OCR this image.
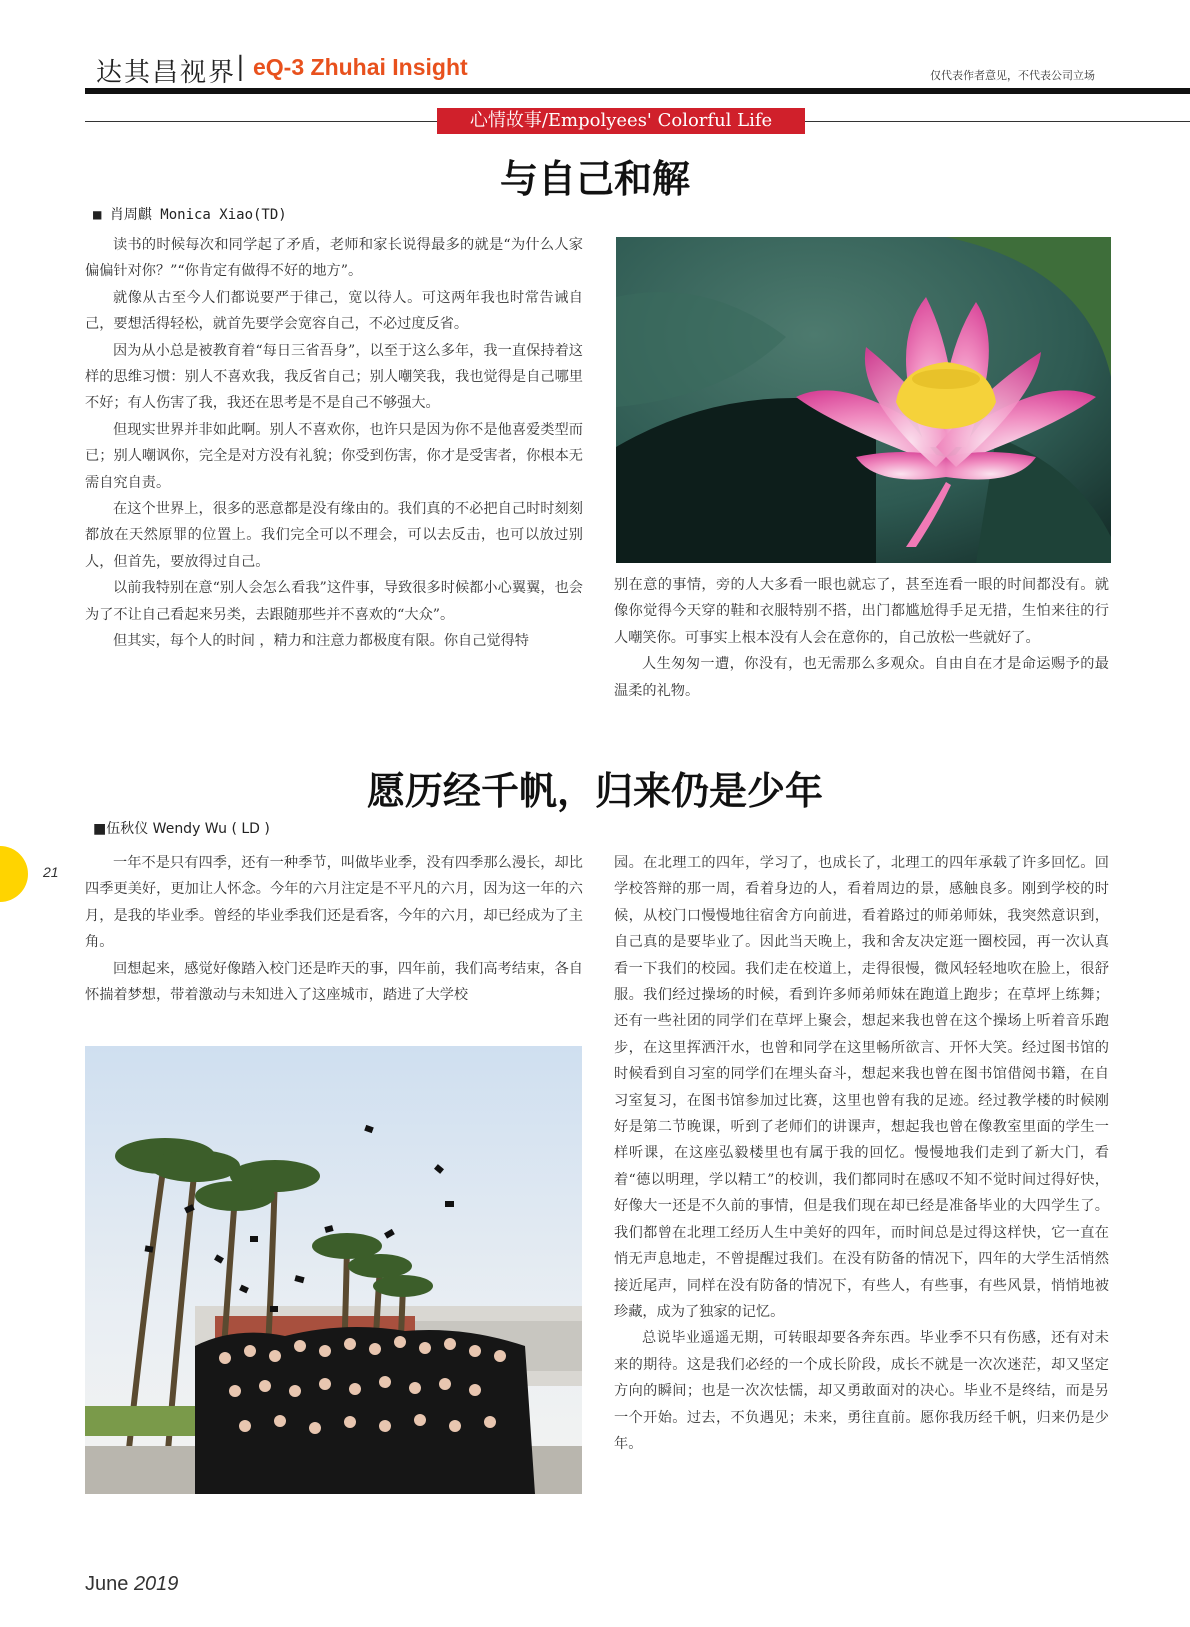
达其昌视界 | eQ-3 Zhuhai Insight	仅代表作者意见，不代表公司立场
心情故事/Empolyees' Colorful Life
与自己和解
■ 肖周麒 Monica Xiao(TD)

读书的时候每次和同学起了矛盾，老师和家长说得最多的就是“为什么人家偏偏针对你？”“你肯定有做得不好的地方”。

就像从古至今人们都说要严于律己，宽以待人。可这两年我也时常告诫自己，要想活得轻松，就首先要学会宽容自己，不必过度反省。

因为从小总是被教育着“每日三省吾身”，以至于这么多年，我一直保持着这样的思维习惯：别人不喜欢我，我反省自己；别人嘲笑我，我也觉得是自己哪里不好；有人伤害了我，我还在思考是不是自己不够强大。

但现实世界并非如此啊。别人不喜欢你，也许只是因为你不是他喜爱类型而已；别人嘲讽你，完全是对方没有礼貌；你受到伤害，你才是受害者，你根本无需自究自责。

在这个世界上，很多的恶意都是没有缘由的。我们真的不必把自己时时刻刻都放在天然原罪的位置上。我们完全可以不理会，可以去反击，也可以放过别人，但首先，要放得过自己。

以前我特别在意“别人会怎么看我”这件事，导致很多时候都小心翼翼，也会为了不让自己看起来另类，去跟随那些并不喜欢的“大众”。

但其实，每个人的时间 ，精力和注意力都极度有限。你自己觉得特

别在意的事情，旁的人大多看一眼也就忘了，甚至连看一眼的时间都没有。就像你觉得今天穿的鞋和衣服特别不搭，出门都尴尬得手足无措，生怕来往的行人嘲笑你。可事实上根本没有人会在意你的，自己放松一些就好了。

人生匆匆一遭，你没有，也无需那么多观众。自由自在才是命运赐予的最温柔的礼物。

愿历经千帆，归来仍是少年
■伍秋仪 Wendy Wu ( LD )
21

一年不是只有四季，还有一种季节，叫做毕业季，没有四季那么漫长，却比四季更美好，更加让人怀念。今年的六月注定是不平凡的六月，因为这一年的六月，是我的毕业季。曾经的毕业季我们还是看客，今年的六月，却已经成为了主角。

回想起来，感觉好像踏入校门还是昨天的事，四年前，我们高考结束，各自怀揣着梦想，带着激动与未知进入了这座城市，踏进了大学校

园。在北理工的四年，学习了，也成长了，北理工的四年承载了许多回忆。回学校答辩的那一周，看着身边的人，看着周边的景，感触良多。刚到学校的时候，从校门口慢慢地往宿舍方向前进，看着路过的师弟师妹，我突然意识到，自己真的是要毕业了。因此当天晚上，我和舍友决定逛一圈校园，再一次认真看一下我们的校园。我们走在校道上，走得很慢，微风轻轻地吹在脸上，很舒服。我们经过操场的时候，看到许多师弟师妹在跑道上跑步；在草坪上练舞；还有一些社团的同学们在草坪上聚会，想起来我也曾在这个操场上听着音乐跑步，在这里挥洒汗水，也曾和同学在这里畅所欲言、开怀大笑。经过图书馆的时候看到自习室的同学们在埋头奋斗，想起来我也曾在图书馆借阅书籍，在自习室复习，在图书馆参加过比赛，这里也曾有我的足迹。经过教学楼的时候刚好是第二节晚课，听到了老师们的讲课声，想起我也曾在像教室里面的学生一样听课，在这座弘毅楼里也有属于我的回忆。慢慢地我们走到了新大门，看着“德以明理，学以精工”的校训，我们都同时在感叹不知不觉时间过得好快，好像大一还是不久前的事情，但是我们现在却已经是准备毕业的大四学生了。我们都曾在北理工经历人生中美好的四年，而时间总是过得这样快，它一直在悄无声息地走，不曾提醒过我们。在没有防备的情况下，四年的大学生活悄然接近尾声，同样在没有防备的情况下，有些人，有些事，有些风景，悄悄地被珍藏，成为了独家的记忆。

总说毕业遥遥无期，可转眼却要各奔东西。毕业季不只有伤感，还有对未来的期待。这是我们必经的一个成长阶段，成长不就是一次次迷茫，却又坚定方向的瞬间；也是一次次怯懦，却又勇敢面对的决心。毕业不是终结，而是另一个开始。过去，不负遇见；未来，勇往直前。愿你我历经千帆，归来仍是少年。

June 2019
